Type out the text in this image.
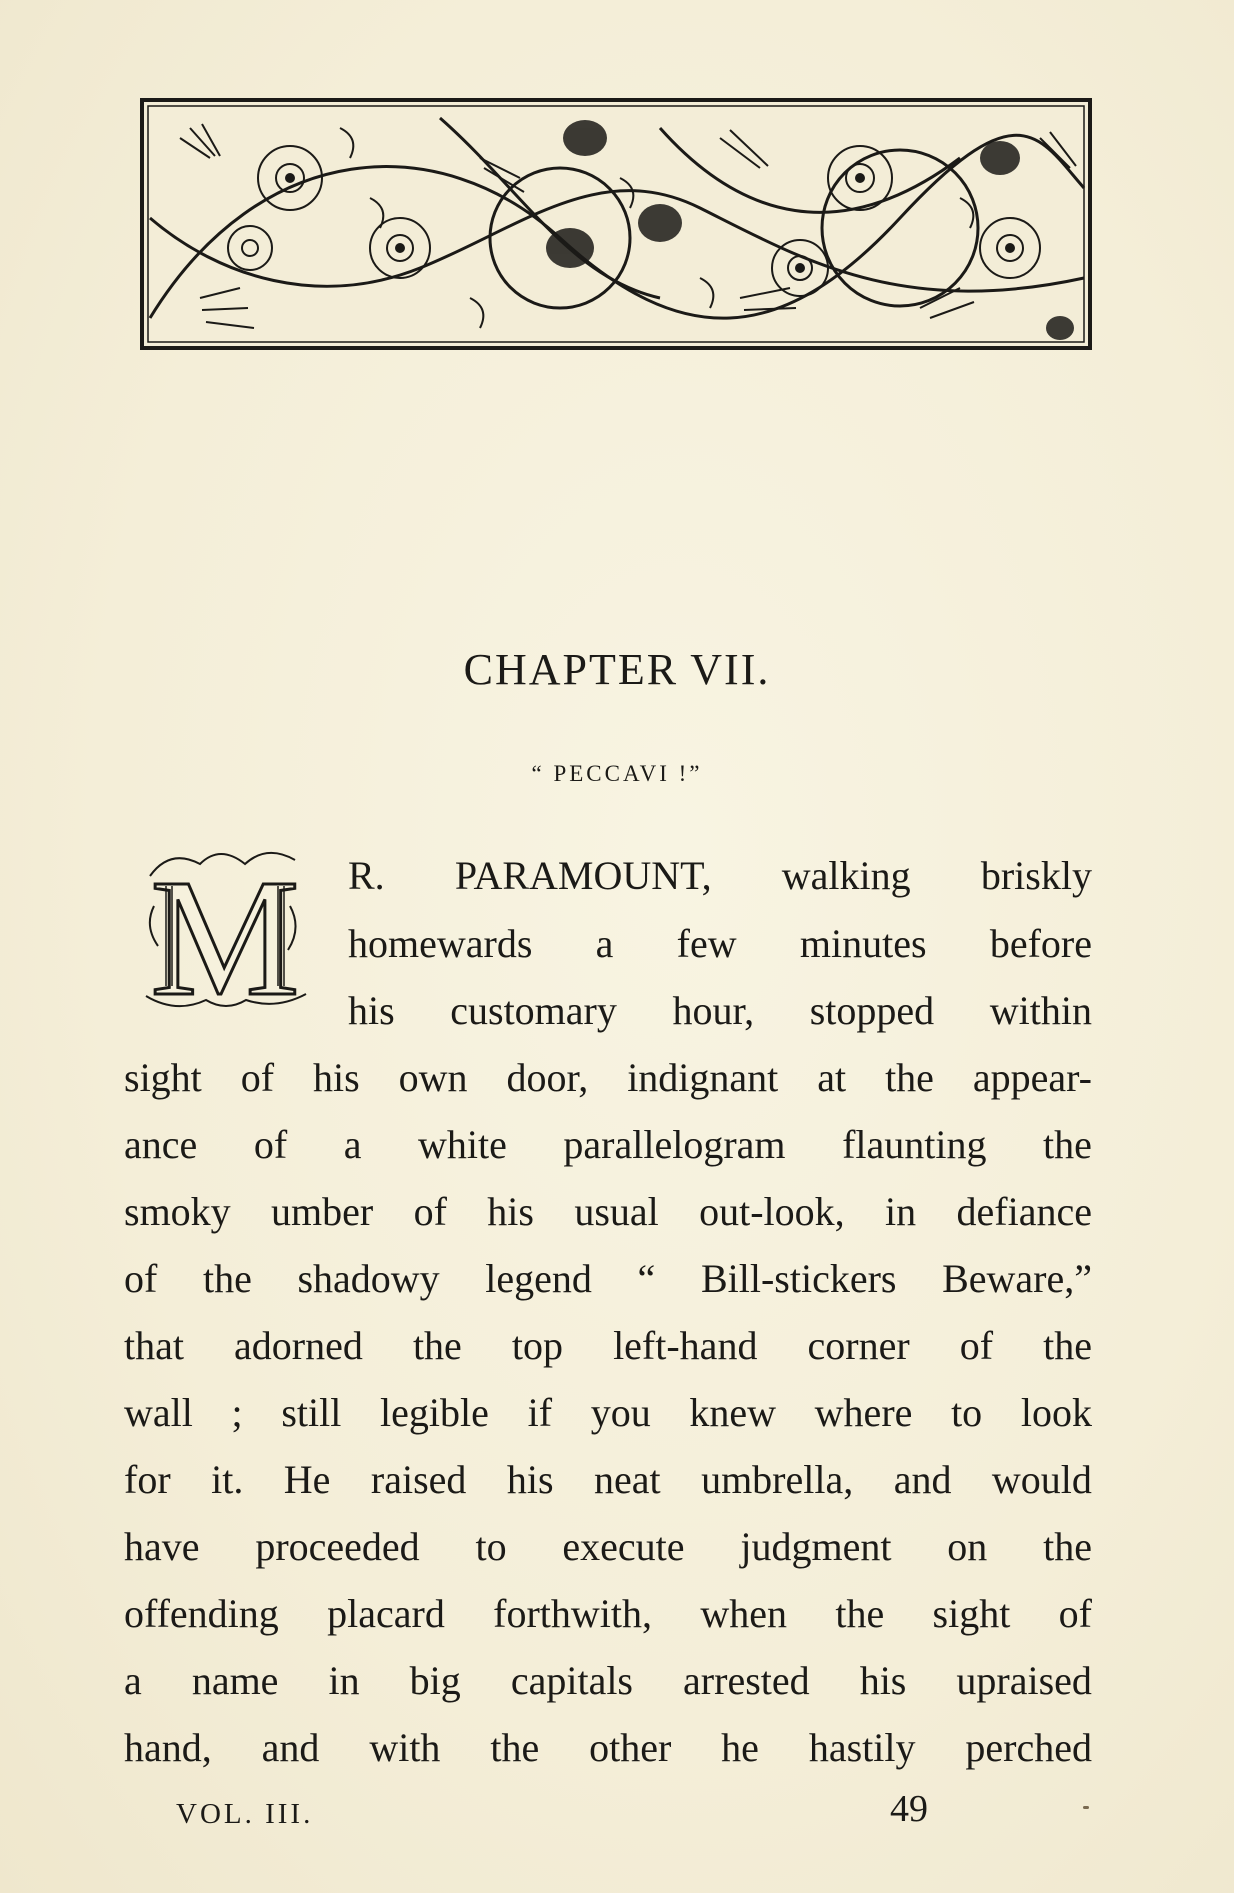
CHAPTER VII.
“ PECCAVI !”
M R. PARAMOUNT, walking briskly
homewards a few minutes before
his customary hour, stopped within
sight of his own door, indignant at the appear-
ance of a white parallelogram flaunting the
smoky umber of his usual out-look, in defiance
of the shadowy legend “ Bill-stickers Beware,”
that adorned the top left-hand corner of the
wall ; still legible if you knew where to look
for it. He raised his neat umbrella, and would
have proceeded to execute judgment on the
offending placard forthwith, when the sight of
a name in big capitals arrested his upraised
hand, and with the other he hastily perched
VOL. III.	49
